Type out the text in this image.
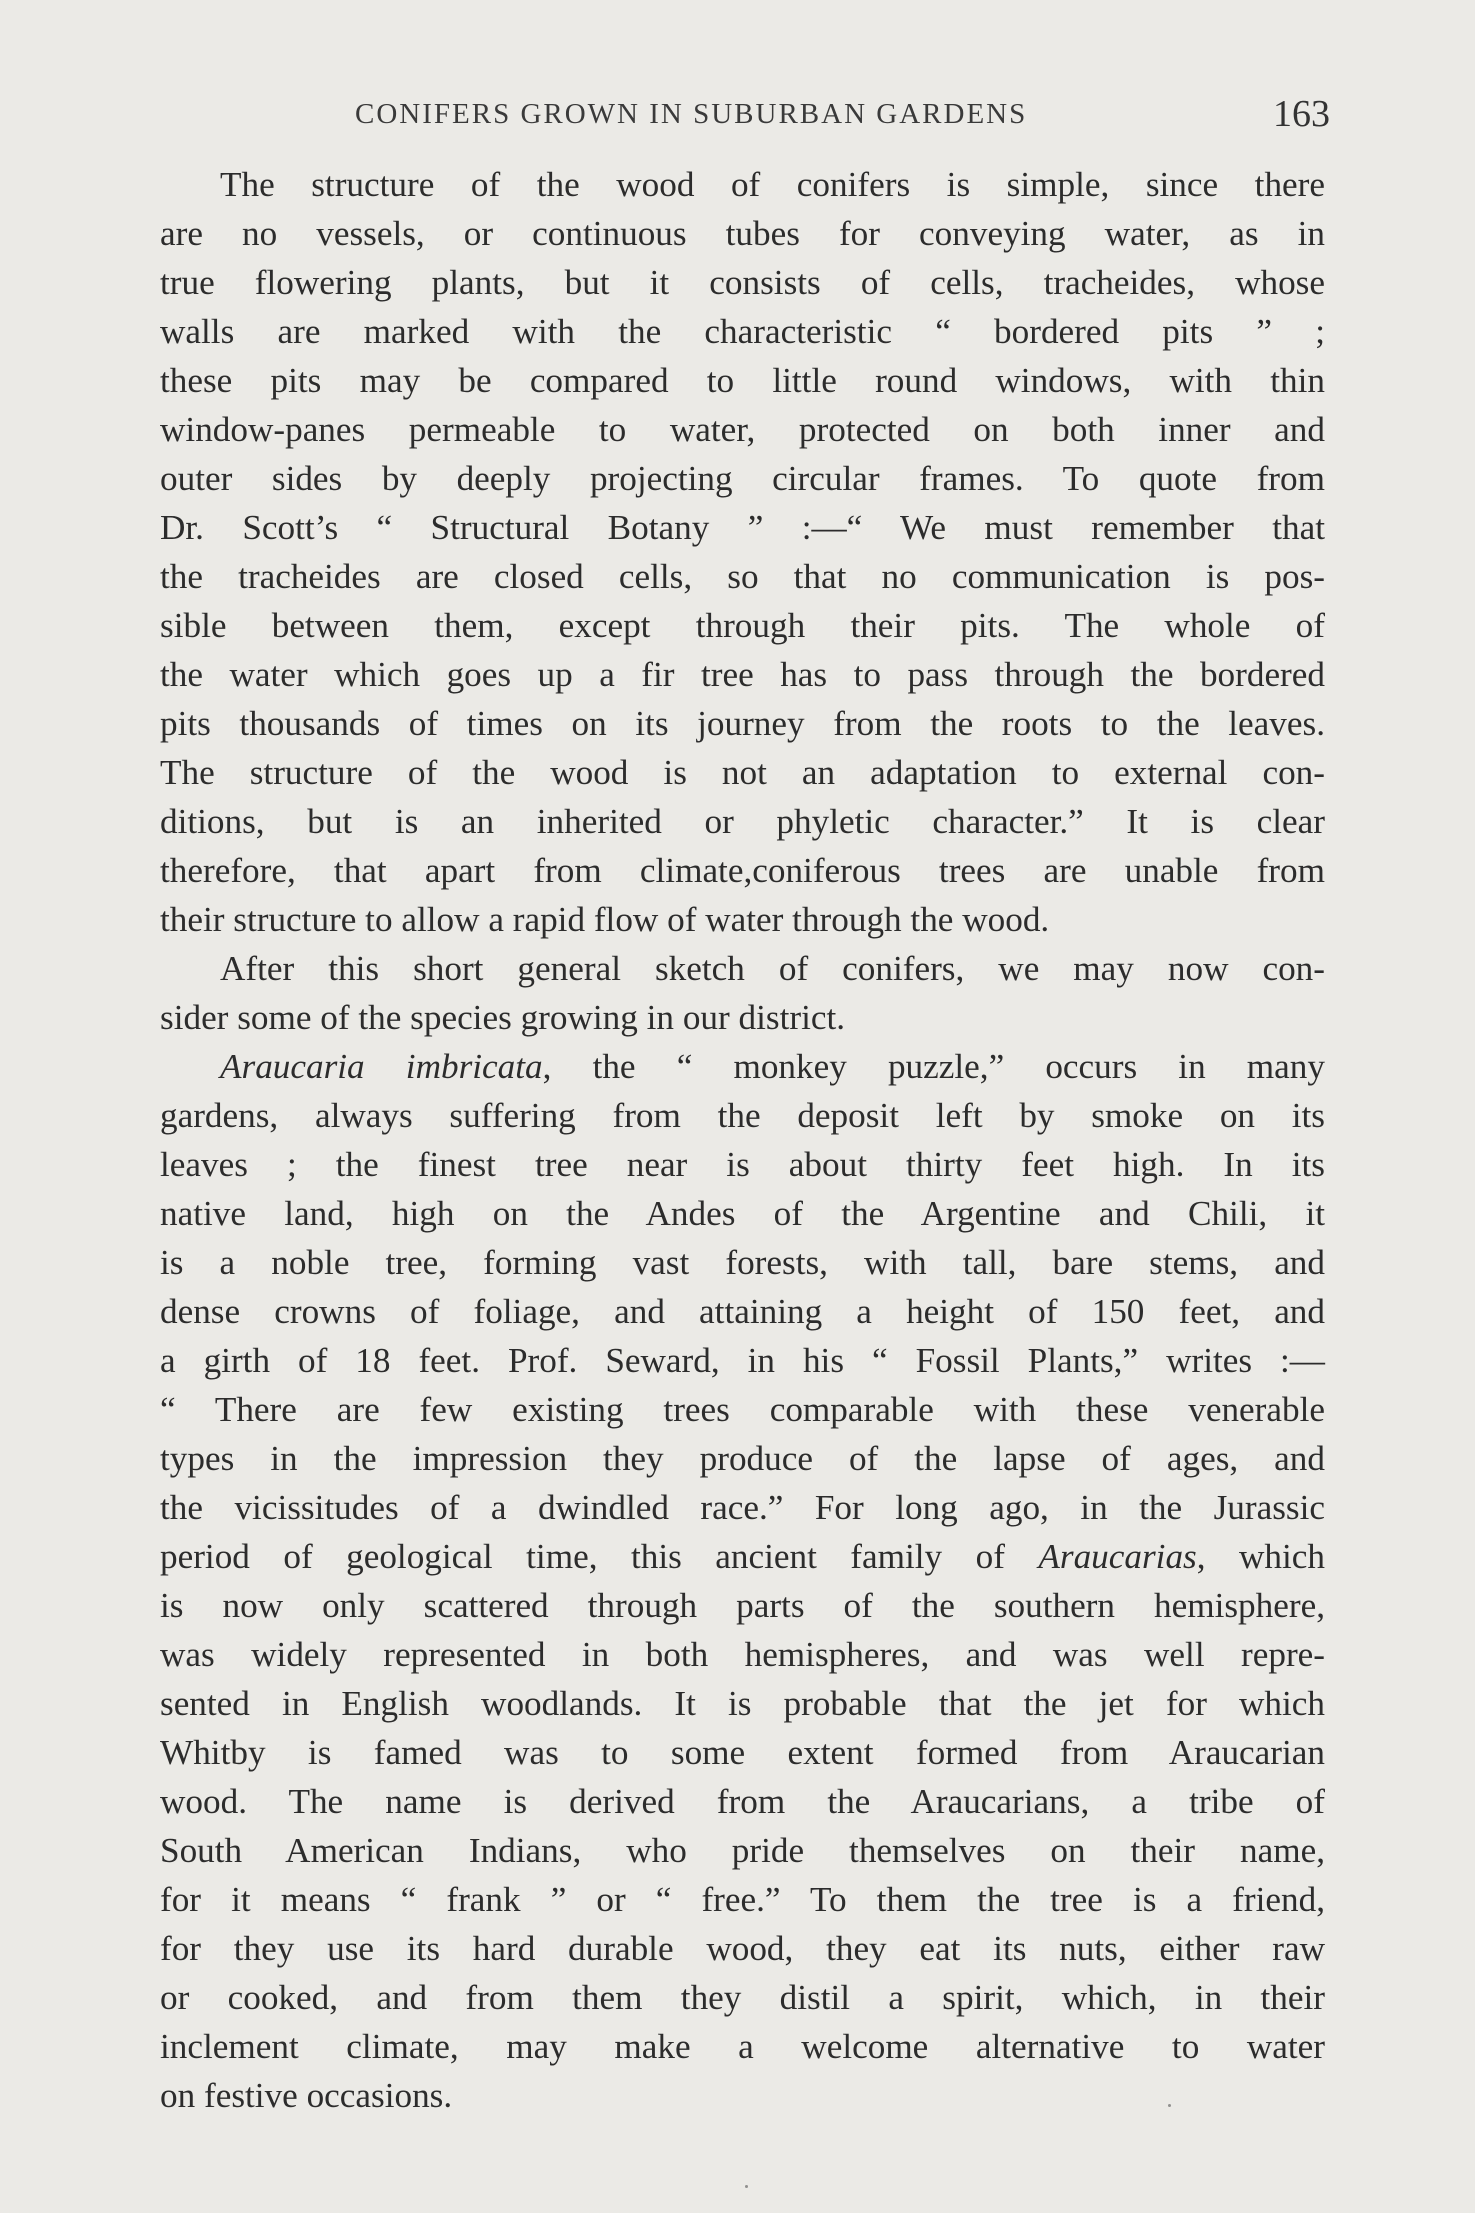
CONIFERS GROWN IN SUBURBAN GARDENS	163
The structure of the wood of conifers is simple, since there
are no vessels, or continuous tubes for conveying water, as in
true flowering plants, but it consists of cells, tracheides, whose
walls are marked with the characteristic “ bordered pits ” ;
these pits may be compared to little round windows, with thin
window-panes permeable to water, protected on both inner and
outer sides by deeply projecting circular frames. To quote from
Dr. Scott’s “ Structural Botany ” :—“ We must remember that
the tracheides are closed cells, so that no communication is pos-
sible between them, except through their pits. The whole of
the water which goes up a fir tree has to pass through the bordered
pits thousands of times on its journey from the roots to the leaves.
The structure of the wood is not an adaptation to external con-
ditions, but is an inherited or phyletic character.” It is clear
therefore, that apart from climate,coniferous trees are unable from
their structure to allow a rapid flow of water through the wood.
After this short general sketch of conifers, we may now con-
sider some of the species growing in our district.
Araucaria imbricata, the “ monkey puzzle,” occurs in many
gardens, always suffering from the deposit left by smoke on its
leaves ; the finest tree near is about thirty feet high. In its
native land, high on the Andes of the Argentine and Chili, it
is a noble tree, forming vast forests, with tall, bare stems, and
dense crowns of foliage, and attaining a height of 150 feet, and
a girth of 18 feet. Prof. Seward, in his “ Fossil Plants,” writes :—
“ There are few existing trees comparable with these venerable
types in the impression they produce of the lapse of ages, and
the vicissitudes of a dwindled race.” For long ago, in the Jurassic
period of geological time, this ancient family of Araucarias, which
is now only scattered through parts of the southern hemisphere,
was widely represented in both hemispheres, and was well repre-
sented in English woodlands. It is probable that the jet for which
Whitby is famed was to some extent formed from Araucarian
wood. The name is derived from the Araucarians, a tribe of
South American Indians, who pride themselves on their name,
for it means “ frank ” or “ free.” To them the tree is a friend,
for they use its hard durable wood, they eat its nuts, either raw
or cooked, and from them they distil a spirit, which, in their
inclement climate, may make a welcome alternative to water
on festive occasions.
